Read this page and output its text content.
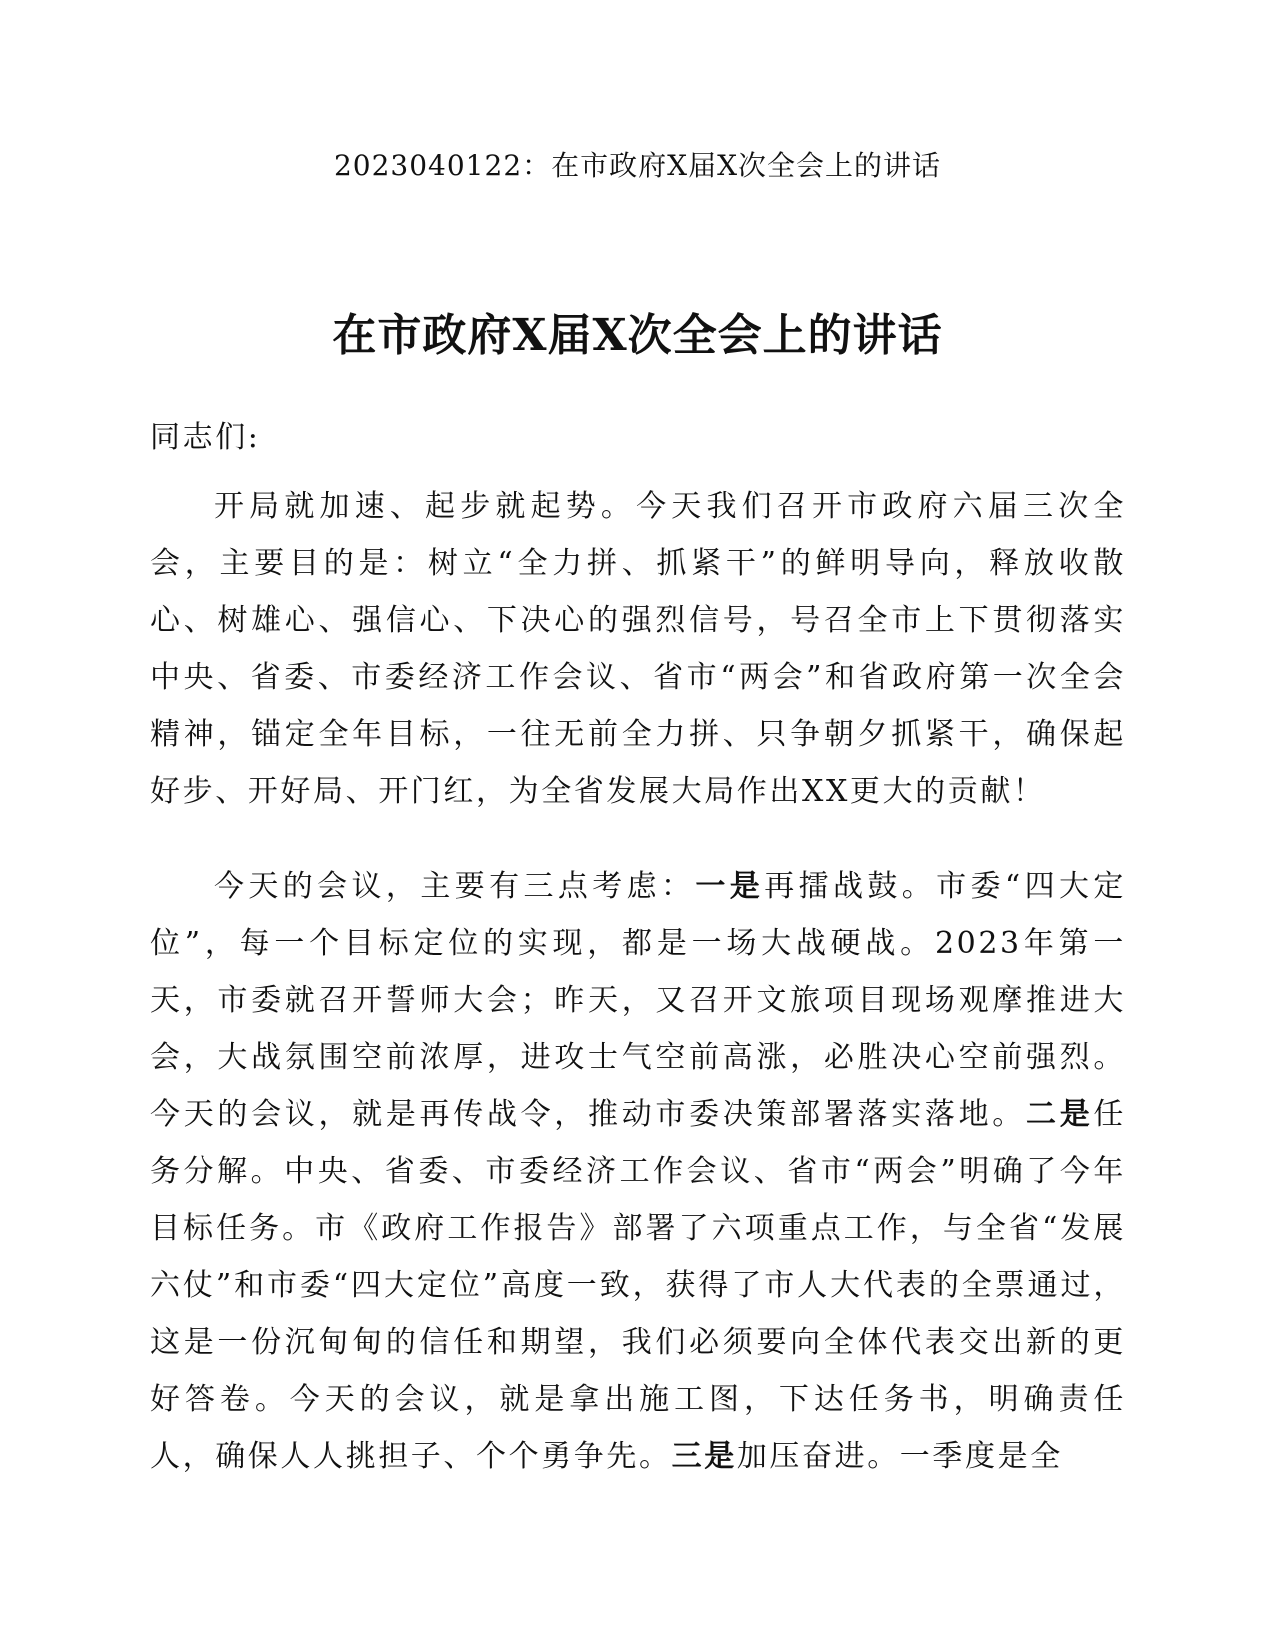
2023040122：在市政府X届X次全会上的讲话
在市政府X届X次全会上的讲话
同志们:
开局就加速、起步就起势。今天我们召开市政府六届三次全会，主要目的是：树立“全力拼、抓紧干”的鲜明导向，释放收散心、树雄心、强信心、下决心的强烈信号，号召全市上下贯彻落实中央、省委、市委经济工作会议、省市“两会”和省政府第一次全会精神，锚定全年目标，一往无前全力拼、只争朝夕抓紧干，确保起好步、开好局、开门红，为全省发展大局作出XX更大的贡献！
今天的会议，主要有三点考虑：一是再擂战鼓。市委“四大定位”，每一个目标定位的实现，都是一场大战硬战。2023年第一天，市委就召开誓师大会；昨天，又召开文旅项目现场观摩推进大会，大战氛围空前浓厚，进攻士气空前高涨，必胜决心空前强烈。今天的会议，就是再传战令，推动市委决策部署落实落地。二是任务分解。中央、省委、市委经济工作会议、省市“两会”明确了今年目标任务。市《政府工作报告》部署了六项重点工作，与全省“发展六仗”和市委“四大定位”高度一致，获得了市人大代表的全票通过，这是一份沉甸甸的信任和期望，我们必须要向全体代表交出新的更好答卷。今天的会议，就是拿出施工图，下达任务书，明确责任人，确保人人挑担子、个个勇争先。三是加压奋进。一季度是全
